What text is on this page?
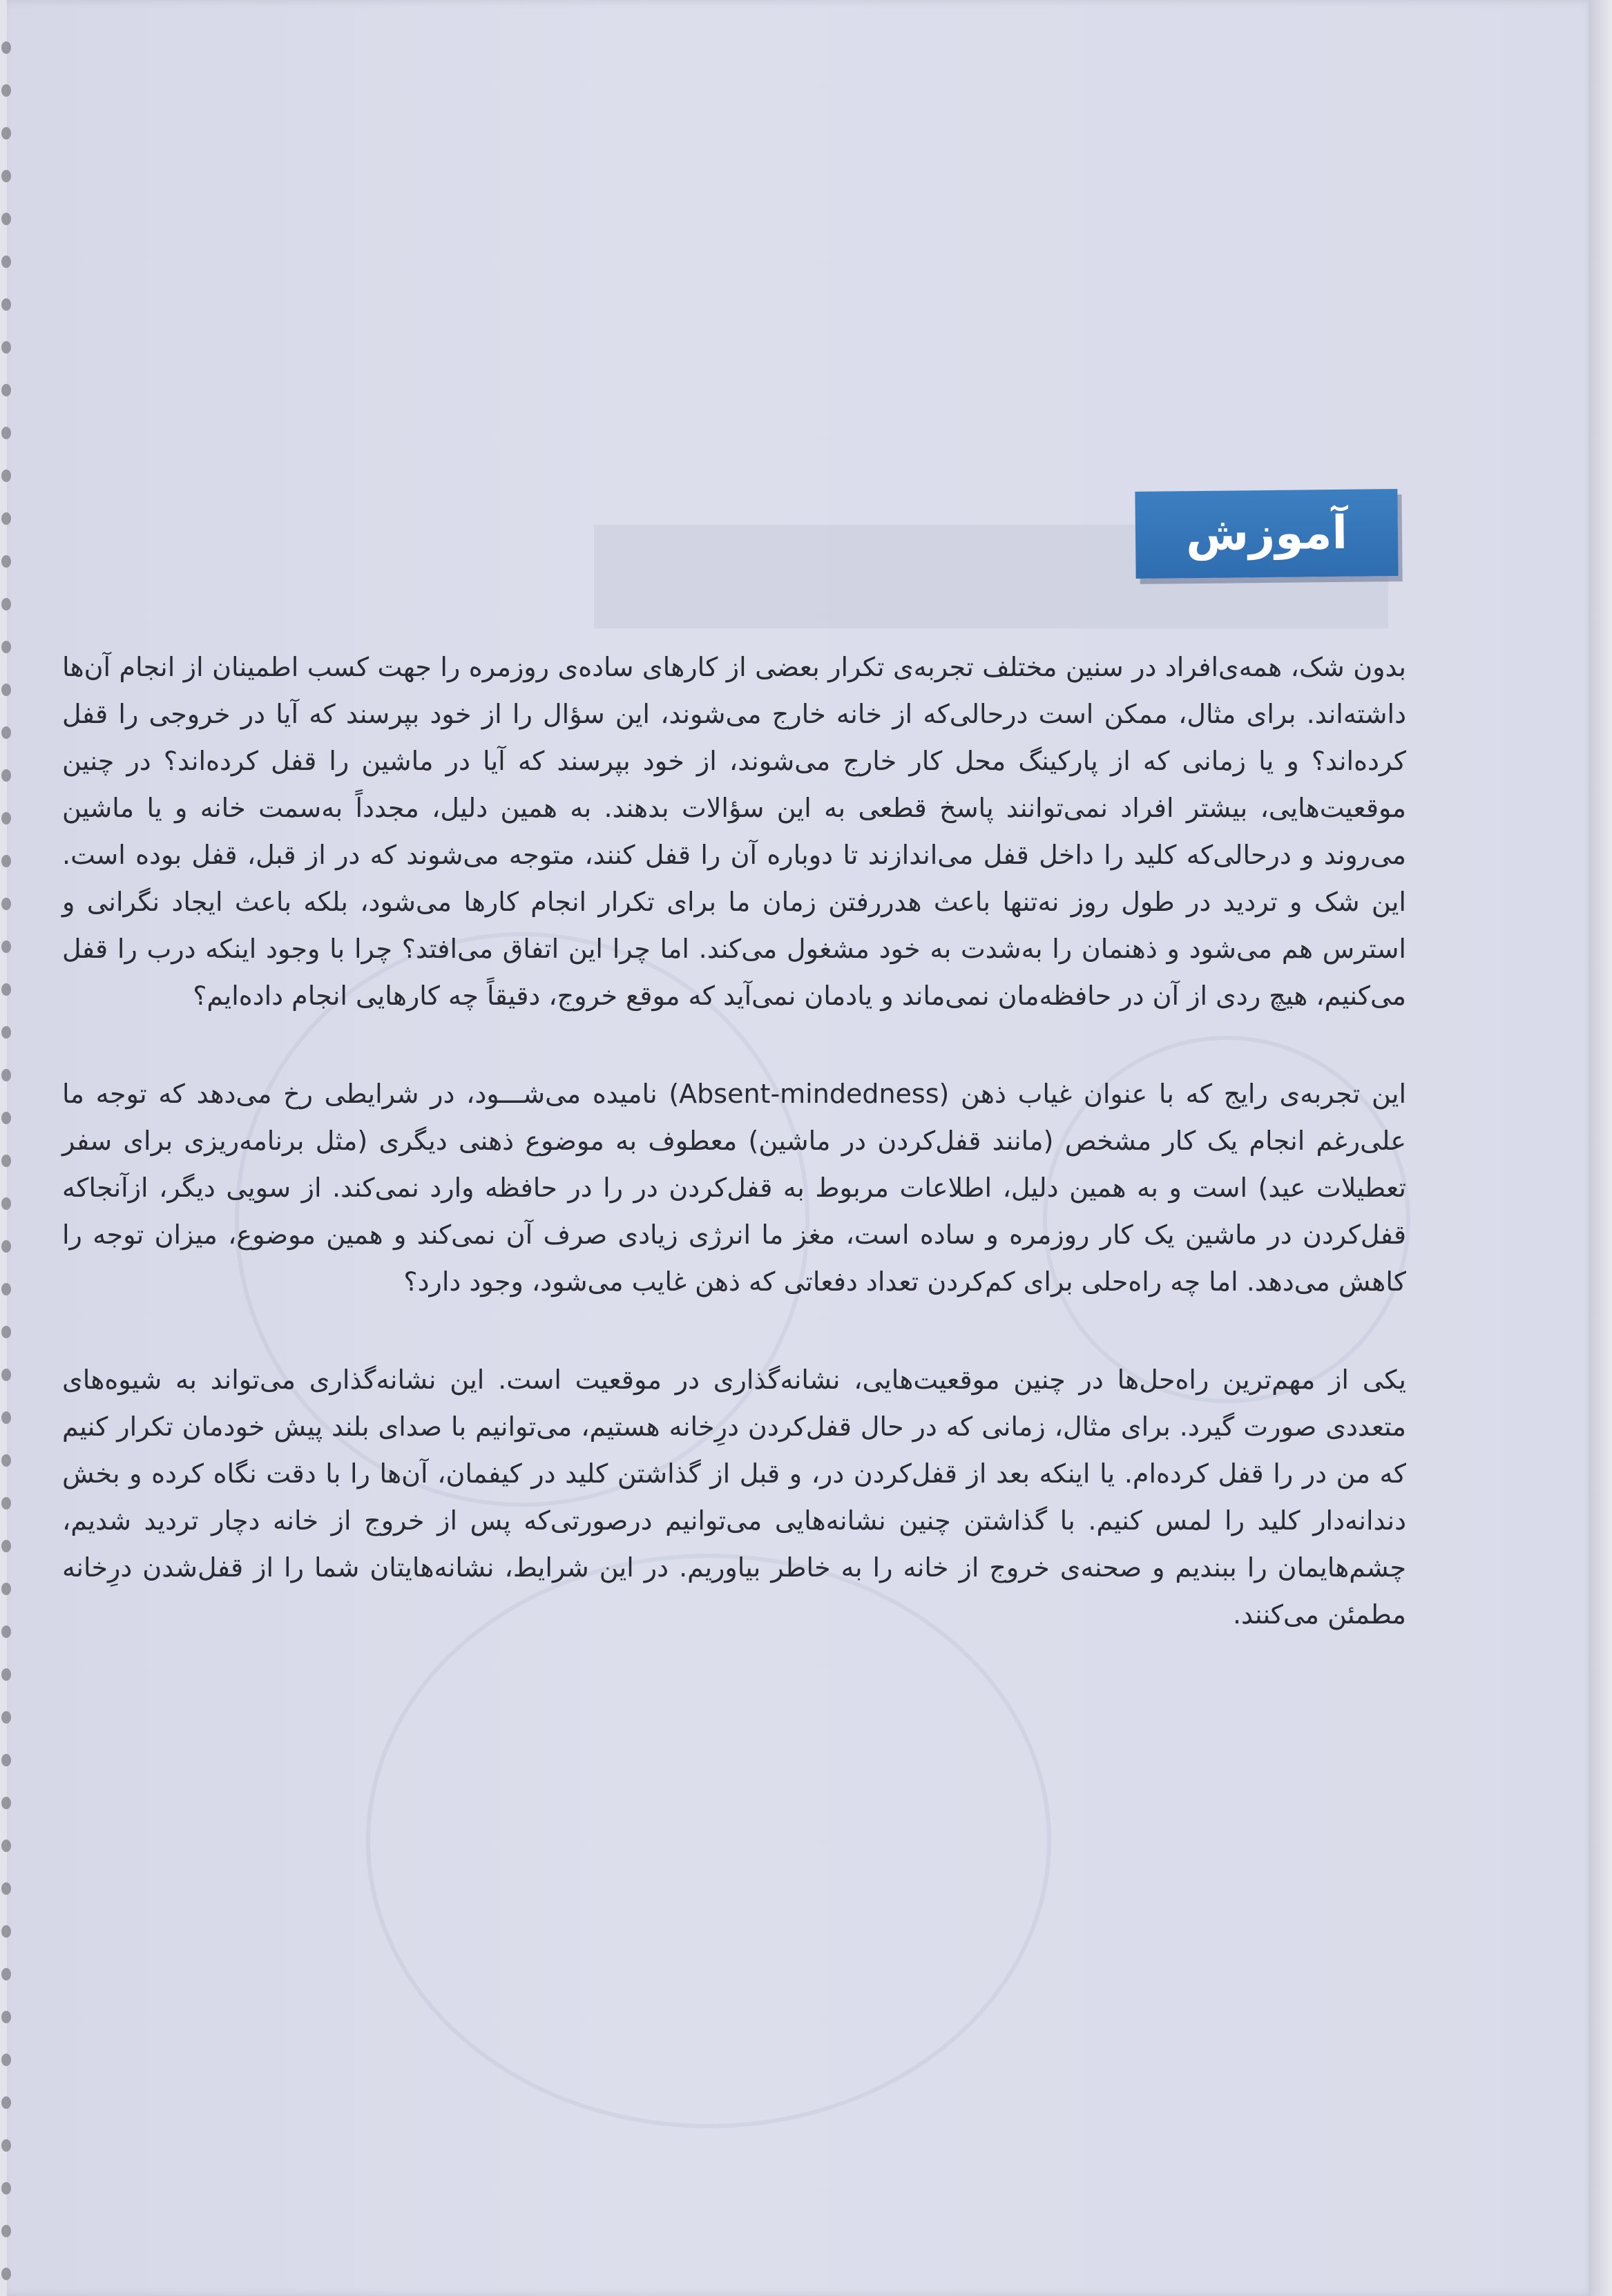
آموزش

بدون شک، همه‌ی‌افراد در سنین مختلف تجربه‌ی تکرار بعضی از کارهای ساده‌ی روزمره را جهت کسب اطمینان از انجام آن‌ها داشته‌اند. برای مثال، ممکن است درحالی‌که از خانه خارج می‌شوند، این سؤال را از خود بپرسند که آیا در خروجی را قفل کرده‌اند؟ و یا زمانی که از پارکینگ محل کار خارج می‌شوند، از خود بپرسند که آیا در ماشین را قفل کرده‌اند؟ در چنین موقعیت‌هایی، بیشتر افراد نمی‌توانند پاسخ قطعی به این سؤالات بدهند. به همین دلیل، مجدداً به‌سمت خانه و یا ماشین می‌روند و درحالی‌که کلید را داخل قفل می‌اندازند تا دوباره آن را قفل کنند، متوجه می‌شوند که در از قبل، قفل بوده است. این شک و تردید در طول روز نه‌تنها باعث هدررفتن زمان ما برای تکرار انجام کارها می‌شود، بلکه باعث ایجاد نگرانی و استرس هم می‌شود و ذهنمان را به‌شدت به خود مشغول می‌کند. اما چرا این اتفاق می‌افتد؟ چرا با وجود اینکه درب را قفل می‌کنیم، هیچ ردی از آن در حافظه‌مان نمی‌ماند و یادمان نمی‌آید که موقع خروج، دقیقاً چه کارهایی انجام داده‌ایم؟

این تجربه‌ی رایج که با عنوان غیاب ذهن (Absent-mindedness) نامیده می‌شـــود، در شرایطی رخ می‌دهد که توجه ما علی‌رغم انجام یک کار مشخص (مانند قفل‌کردن در ماشین) معطوف به موضوع ذهنی دیگری (مثل برنامه‌ریزی برای سفر تعطیلات عید) است و به همین دلیل، اطلاعات مربوط به قفل‌کردن در را در حافظه وارد نمی‌کند. از سویی دیگر، ازآنجاکه قفل‌کردن در ماشین یک کار روزمره و ساده است، مغز ما انرژی زیادی صرف آن نمی‌کند و همین موضوع، میزان توجه را کاهش می‌دهد. اما چه راه‌حلی برای کم‌کردن تعداد دفعاتی که ذهن غایب می‌شود، وجود دارد؟

یکی از مهم‌ترین راه‌حل‌ها در چنین موقعیت‌هایی، نشانه‌گذاری در موقعیت است. این نشانه‌گذاری می‌تواند به شیوه‌های متعددی صورت گیرد. برای مثال، زمانی که در حال قفل‌کردن درِخانه هستیم، می‌توانیم با صدای بلند پیش خودمان تکرار کنیم که من در را قفل کرده‌ام. یا اینکه بعد از قفل‌کردن در، و قبل از گذاشتن کلید در کیفمان، آن‌ها را با دقت نگاه کرده و بخش دندانه‌دار کلید را لمس کنیم. با گذاشتن چنین نشانه‌هایی می‌توانیم درصورتی‌که پس از خروج از خانه دچار تردید شدیم، چشم‌هایمان را ببندیم و صحنه‌ی خروج از خانه را به خاطر بیاوریم. در این شرایط، نشانه‌هایتان شما را از قفل‌شدن درِخانه مطمئن می‌کنند.
